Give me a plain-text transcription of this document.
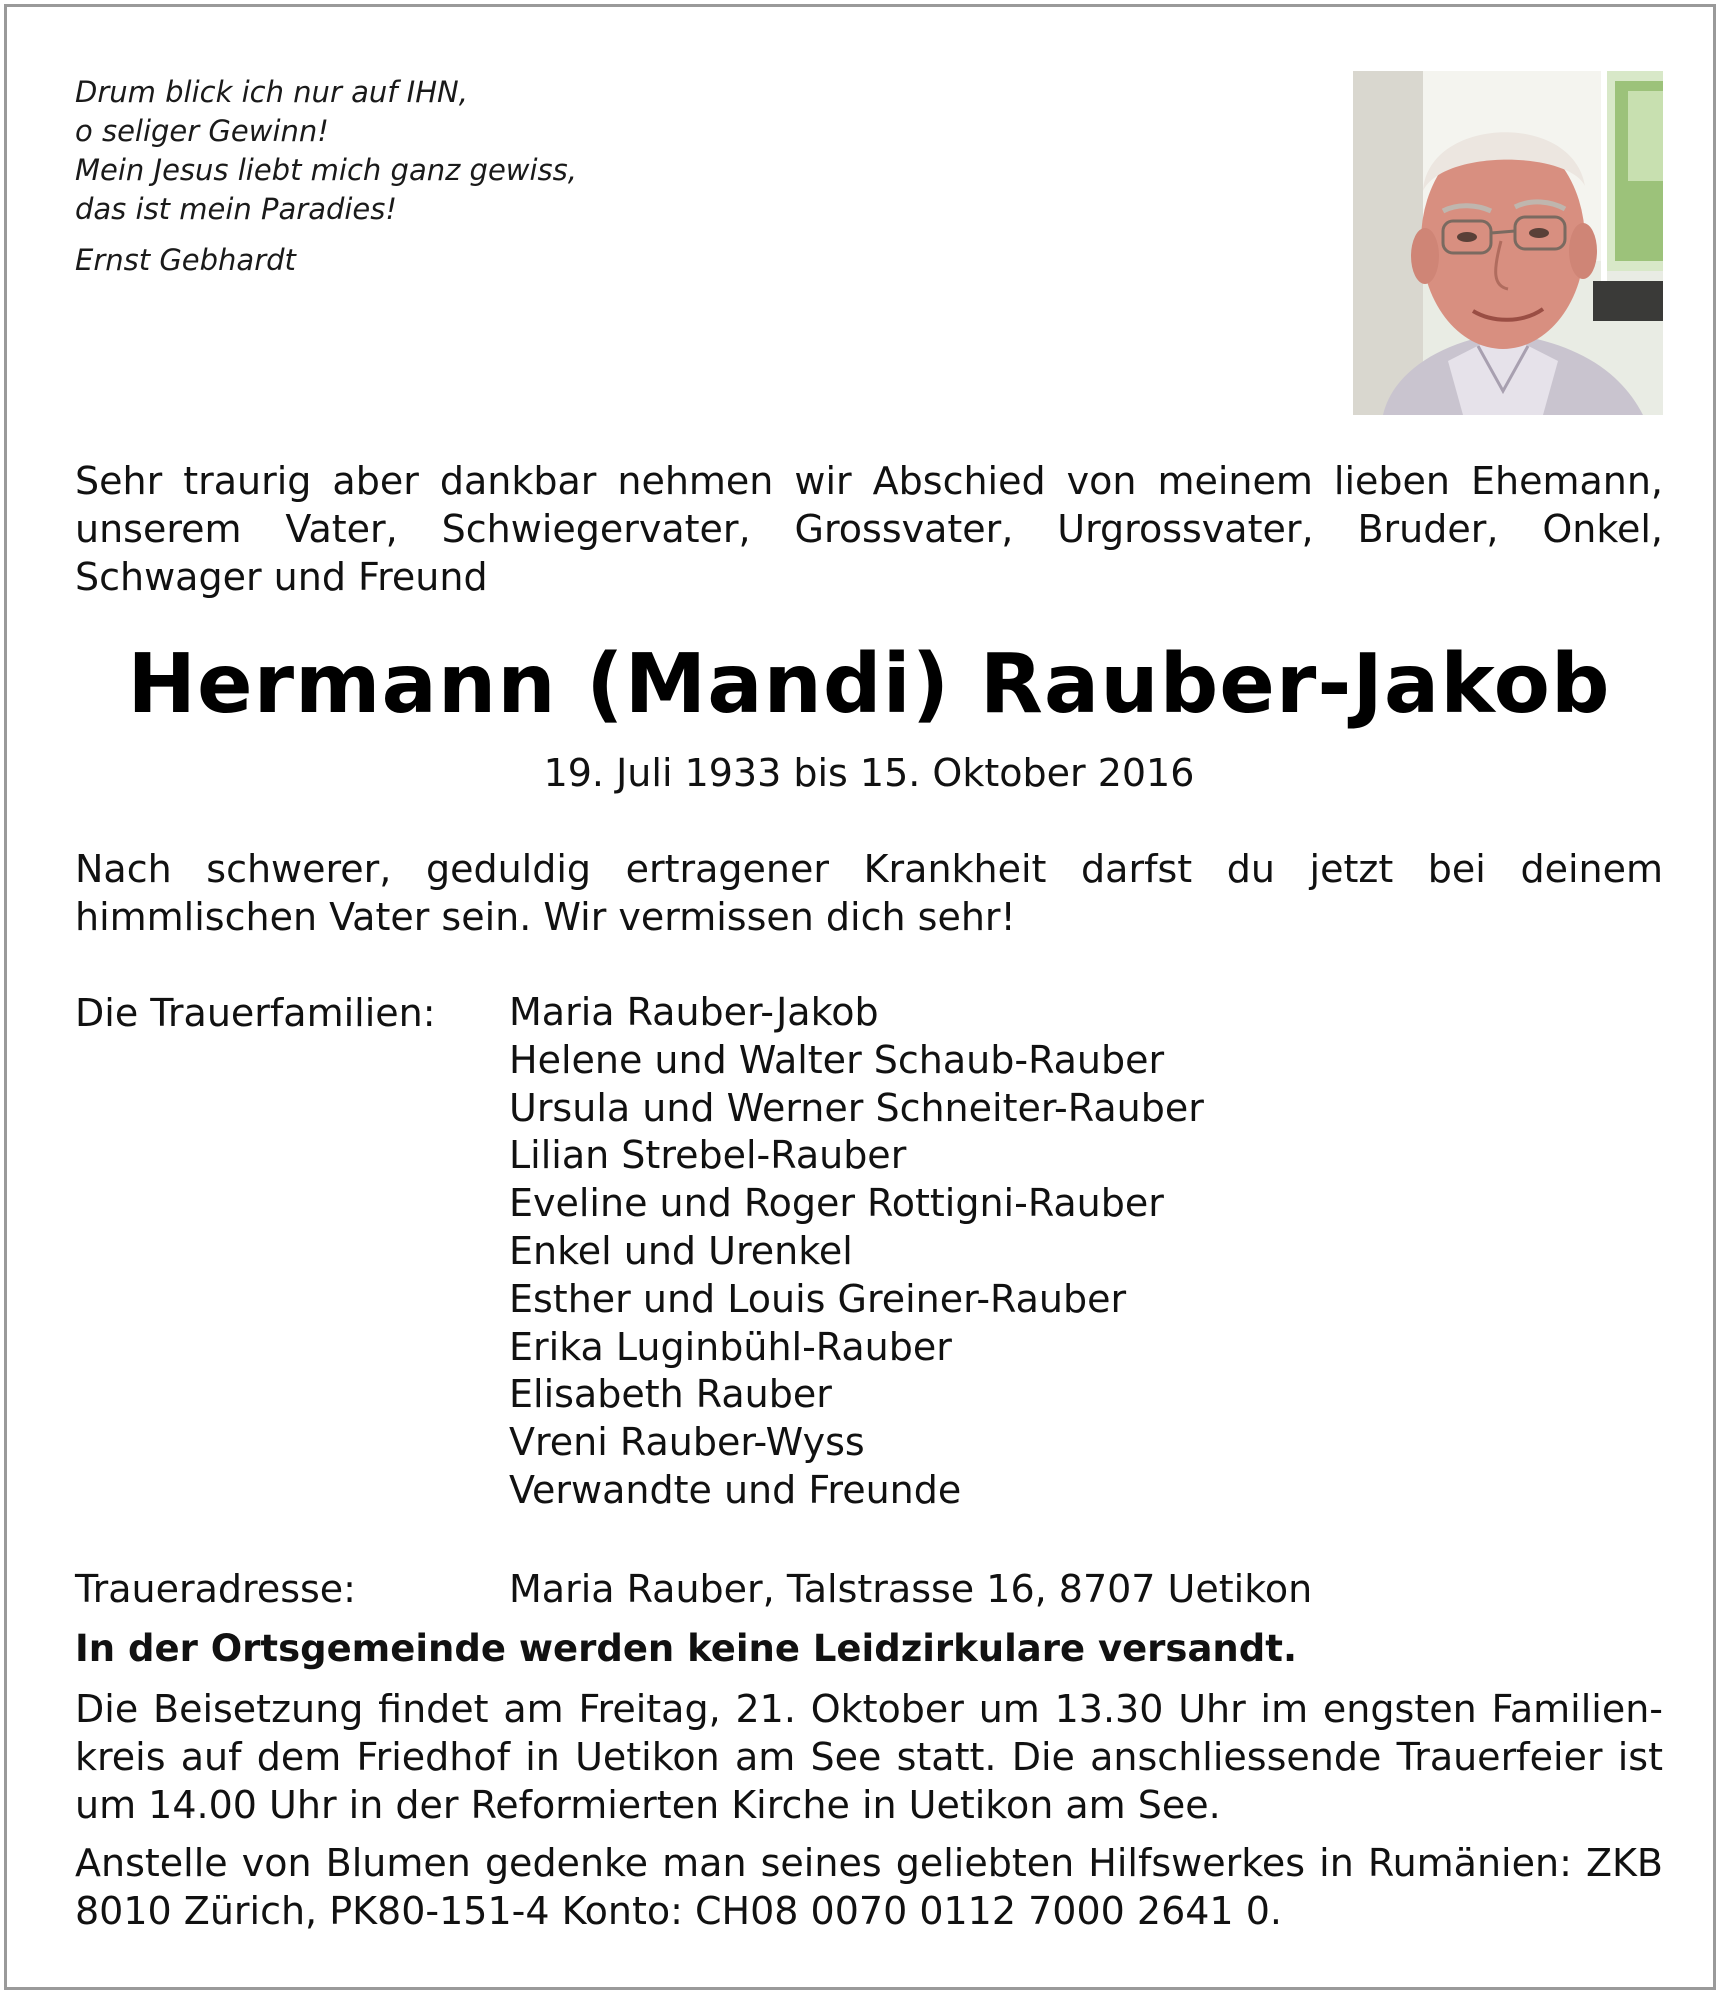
Drum blick ich nur auf IHN,
o seliger Gewinn!
Mein Jesus liebt mich ganz gewiss,
das ist mein Paradies!
Ernst Gebhardt
Sehr traurig aber dankbar nehmen wir Abschied von meinem lieben Ehemann, unserem Vater, Schwiegervater, Grossvater, Urgrossvater, Bruder, Onkel, Schwager und Freund
Hermann (Mandi) Rauber-Jakob
19. Juli 1933 bis 15. Oktober 2016
Nach schwerer, geduldig ertragener Krankheit darfst du jetzt bei deinem himmlischen Vater sein. Wir vermissen dich sehr!
Die Trauerfamilien: Maria Rauber-Jakob
Helene und Walter Schaub-Rauber
Ursula und Werner Schneiter-Rauber
Lilian Strebel-Rauber
Eveline und Roger Rottigni-Rauber
Enkel und Urenkel
Esther und Louis Greiner-Rauber
Erika Luginbühl-Rauber
Elisabeth Rauber
Vreni Rauber-Wyss
Verwandte und Freunde
Traueradresse:	Maria Rauber, Talstrasse 16, 8707 Uetikon
In der Ortsgemeinde werden keine Leidzirkulare versandt.
Die Beisetzung findet am Freitag, 21. Oktober um 13.30 Uhr im engsten Familien-kreis auf dem Friedhof in Uetikon am See statt. Die anschliessende Trauerfeier ist um 14.00 Uhr in der Reformierten Kirche in Uetikon am See.
Anstelle von Blumen gedenke man seines geliebten Hilfswerkes in Rumänien: ZKB 8010 Zürich, PK80-151-4 Konto: CH08 0070 0112 7000 2641 0.
